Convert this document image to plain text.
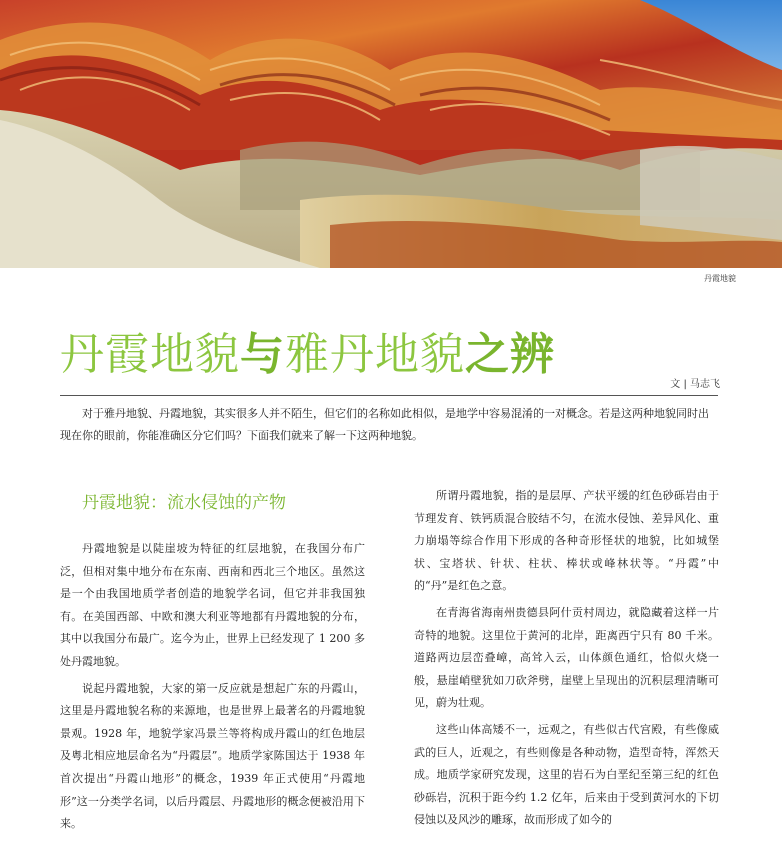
丹霞地貌
丹霞地貌与雅丹地貌之辨
文 | 马志飞

对于雅丹地貌、丹霞地貌，其实很多人并不陌生，但它们的名称如此相似，是地学中容易混淆的一对概念。若是这两种地貌同时出现在你的眼前，你能准确区分它们吗？下面我们就来了解一下这两种地貌。

丹霞地貌：流水侵蚀的产物

丹霞地貌是以陡崖坡为特征的红层地貌，在我国分布广泛，但相对集中地分布在东南、西南和西北三个地区。虽然这是一个由我国地质学者创造的地貌学名词，但它并非我国独有。在美国西部、中欧和澳大利亚等地都有丹霞地貌的分布，其中以我国分布最广。迄今为止，世界上已经发现了 1 200 多处丹霞地貌。

说起丹霞地貌，大家的第一反应就是想起广东的丹霞山，这里是丹霞地貌名称的来源地，也是世界上最著名的丹霞地貌景观。1928 年，地貌学家冯景兰等将构成丹霞山的红色地层及粤北相应地层命名为“丹霞层”。地质学家陈国达于 1938 年首次提出“丹霞山地形”的概念，1939 年正式使用“丹霞地形”这一分类学名词，以后丹霞层、丹霞地形的概念便被沿用下来。

所谓丹霞地貌，指的是层厚、产状平缓的红色砂砾岩由于节理发育、铁钙质混合胶结不匀，在流水侵蚀、差异风化、重力崩塌等综合作用下形成的各种奇形怪状的地貌，比如城堡状、宝塔状、针状、柱状、棒状或峰林状等。“丹霞”中的“丹”是红色之意。

在青海省海南州贵德县阿什贡村周边，就隐藏着这样一片奇特的地貌。这里位于黄河的北岸，距离西宁只有 80 千米。道路两边层峦叠嶂，高耸入云，山体颜色通红，恰似火烧一般，悬崖峭壁犹如刀砍斧劈，崖壁上呈现出的沉积层理清晰可见，蔚为壮观。

这些山体高矮不一，远观之，有些似古代宫殿，有些像威武的巨人，近观之，有些则像是各种动物，造型奇特，浑然天成。地质学家研究发现，这里的岩石为白垩纪至第三纪的红色砂砾岩，沉积于距今约 1.2 亿年，后来由于受到黄河水的下切侵蚀以及风沙的雕琢，故而形成了如今的
